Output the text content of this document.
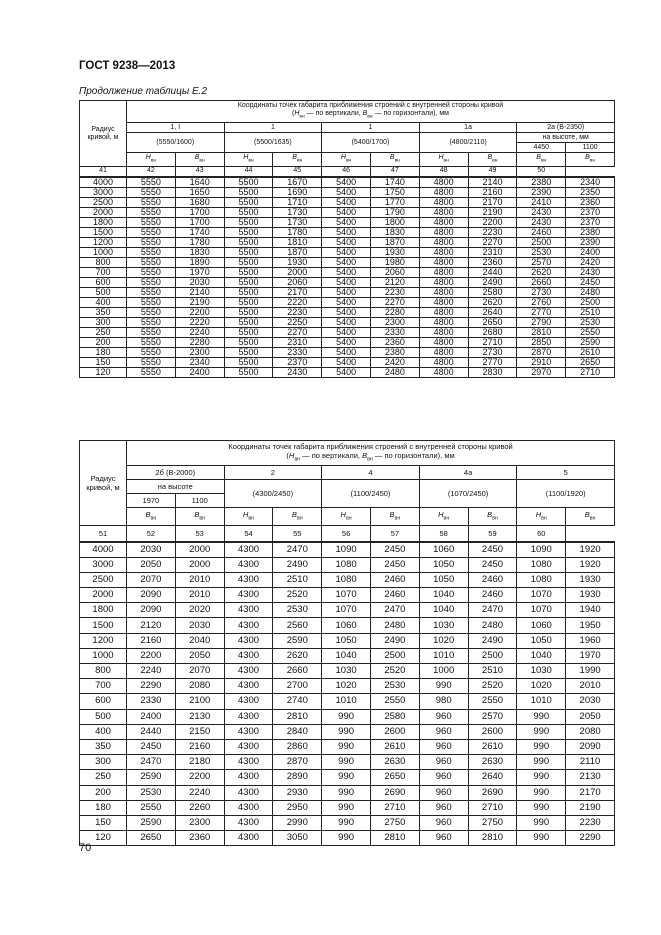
ГОСТ 9238—2013
Продолжение таблицы Е.2
Радиус кривой, м	Координаты точек габарита приближения строений с внутренней стороны кривой
($H_{вн}$ — по вертикали, $B_{вн}$ — по горизонтали), мм									
	1, I		1		1		1а		2а (В-2350)	
	(5550/1600)		(5500/1635)		(5400/1700)		(4800/2110)		на высоте, мм	
									4450	1100
	$H_{вн}$	$B_{вн}$	$H_{вн}$	$B_{вн}$	$H_{вн}$	$B_{вн}$	$H_{вн}$	$B_{вн}$	$B_{вн}$	$B_{вн}$
41	42	43	44	45	46	47	48	49	50	
4000	5550	1640	5500	1670	5400	1740	4800	2140	2380	2340
3000	5550	1650	5500	1690	5400	1750	4800	2160	2390	2350
2500	5550	1680	5500	1710	5400	1770	4800	2170	2410	2360
2000	5550	1700	5500	1730	5400	1790	4800	2190	2430	2370
1800	5550	1700	5500	1730	5400	1800	4800	2200	2430	2370
1500	5550	1740	5500	1780	5400	1830	4800	2230	2460	2380
1200	5550	1780	5500	1810	5400	1870	4800	2270	2500	2390
1000	5550	1830	5500	1870	5400	1930	4800	2310	2530	2400
800	5550	1890	5500	1930	5400	1980	4800	2360	2570	2420
700	5550	1970	5500	2000	5400	2060	4800	2440	2620	2430
600	5550	2030	5500	2060	5400	2120	4800	2490	2660	2450
500	5550	2140	5500	2170	5400	2230	4800	2580	2730	2480
400	5550	2190	5500	2220	5400	2270	4800	2620	2760	2500
350	5550	2200	5500	2230	5400	2280	4800	2640	2770	2510
300	5550	2220	5500	2250	5400	2300	4800	2650	2790	2530
250	5550	2240	5500	2270	5400	2330	4800	2680	2810	2550
200	5550	2280	5500	2310	5400	2360	4800	2710	2850	2590
180	5550	2300	5500	2330	5400	2380	4800	2730	2870	2610
150	5550	2340	5500	2370	5400	2420	4800	2770	2910	2650
120	5550	2400	5500	2430	5400	2480	4800	2830	2970	2710
Радиус кривой, м	Координаты точек габарита приближения строений с внутренней стороны кривой
($H_{вн}$ — по вертикали, $B_{вн}$ — по горизонтали), мм									
	2б (В-2000)		2		4		4а		5	
	на высоте		(4300/2450)		(1100/2450)		(1070/2450)		(1100/1920)	
	1970	1100								
	$B_{вн}$	$B_{вн}$	$H_{вн}$	$B_{вн}$	$H_{вн}$	$B_{вн}$	$H_{вн}$	$B_{вн}$	$H_{вн}$	$B_{вн}$
51	52	53	54	55	56	57	58	59	60	
4000	2030	2000	4300	2470	1090	2450	1060	2450	1090	1920
3000	2050	2000	4300	2490	1080	2450	1050	2450	1080	1920
2500	2070	2010	4300	2510	1080	2460	1050	2460	1080	1930
2000	2090	2010	4300	2520	1070	2460	1040	2460	1070	1930
1800	2090	2020	4300	2530	1070	2470	1040	2470	1070	1940
1500	2120	2030	4300	2560	1060	2480	1030	2480	1060	1950
1200	2160	2040	4300	2590	1050	2490	1020	2490	1050	1960
1000	2200	2050	4300	2620	1040	2500	1010	2500	1040	1970
800	2240	2070	4300	2660	1030	2520	1000	2510	1030	1990
700	2290	2080	4300	2700	1020	2530	990	2520	1020	2010
600	2330	2100	4300	2740	1010	2550	980	2550	1010	2030
500	2400	2130	4300	2810	990	2580	960	2570	990	2050
400	2440	2150	4300	2840	990	2600	960	2600	990	2080
350	2450	2160	4300	2860	990	2610	960	2610	990	2090
300	2470	2180	4300	2870	990	2630	960	2630	990	2110
250	2590	2200	4300	2890	990	2650	960	2640	990	2130
200	2530	2240	4300	2930	990	2690	960	2690	990	2170
180	2550	2260	4300	2950	990	2710	960	2710	990	2190
150	2590	2300	4300	2990	990	2750	960	2750	990	2230
120	2650	2360	4300	3050	990	2810	960	2810	990	2290
70
